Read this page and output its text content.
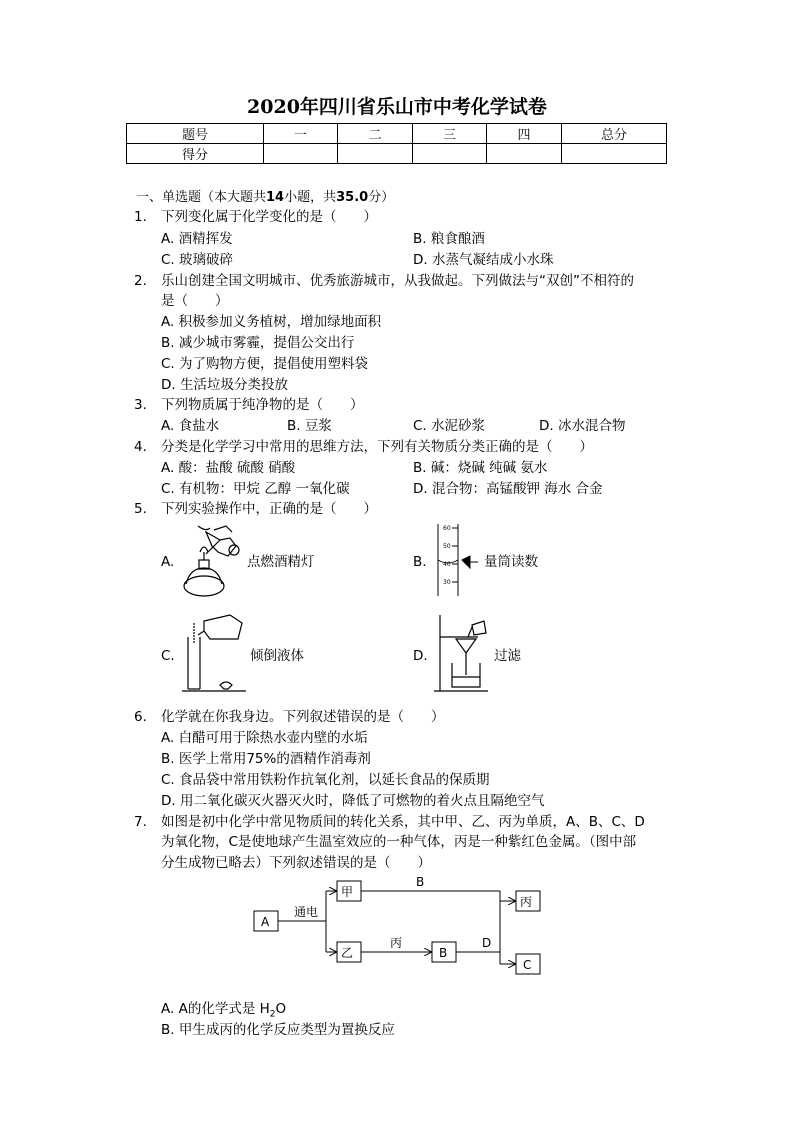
2020年四川省乐山市中考化学试卷
题号	一	二	三	四	总分
得分					
一、单选题（本大题共14小题，共35.0分）
1. 下列变化属于化学变化的是（　　）
A. 酒精挥发	B. 粮食酿酒
C. 玻璃破碎	D. 水蒸气凝结成小水珠
2. 乐山创建全国文明城市、优秀旅游城市，从我做起。下列做法与“双创”不相符的
是（　　）
A. 积极参加义务植树，增加绿地面积
B. 减少城市雾霾，提倡公交出行
C. 为了购物方便，提倡使用塑料袋
D. 生活垃圾分类投放
3. 下列物质属于纯净物的是（　　）
A. 食盐水	B. 豆浆	C. 水泥砂浆	D. 冰水混合物
4. 分类是化学学习中常用的思维方法，下列有关物质分类正确的是（　　）
A. 酸：盐酸 硫酸 硝酸	B. 碱：烧碱 纯碱 氨水
C. 有机物：甲烷 乙醇 一氧化碳	D. 混合物：高锰酸钾 海水 合金
5. 下列实验操作中，正确的是（　　）
A.	点燃酒精灯	B.
60
50
40
30
量筒读数
C.	倾倒液体	D.	过滤
6. 化学就在你我身边。下列叙述错误的是（　　）
A. 白醋可用于除热水壶内壁的水垢
B. 医学上常用75%的酒精作消毒剂
C. 食品袋中常用铁粉作抗氧化剂，以延长食品的保质期
D. 用二氧化碳灭火器灭火时，降低了可燃物的着火点且隔绝空气
7. 如图是初中化学中常见物质间的转化关系，其中甲、乙、丙为单质，A、B、C、D
为氧化物，C是使地球产生温室效应的一种气体，丙是一种紫红色金属。（图中部
分生成物已略去）下列叙述错误的是（　　）
A
甲
乙	B
丙
C
通电
B
丙	D
A. A的化学式是 $H_2O$
B. 甲生成丙的化学反应类型为置换反应
